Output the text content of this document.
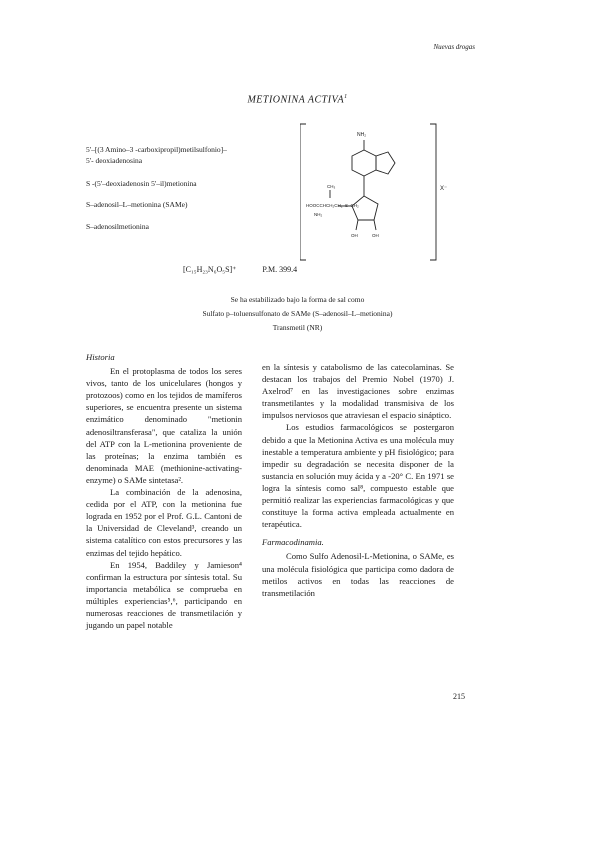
Nuevas drogas
METIONINA ACTIVA$^1$
5'–[(3 Amino–3 -carboxipropil)metilsulfonio]–
5'- deoxiadenosina
S -(5'–deoxiadenosin 5'–il)metionina
S–adenosil–L–metionina (SAMe)
S–adenosilmetionina
NH₂
HOOCCHCH₂CH₂–S–CH₂
CH₃
NH₂
OH	OH
X⁻
[C₁₅H₂₃N₆O₅S]⁺	P.M. 399.4
Se ha estabilizado bajo la forma de sal como
Sulfato p–toluensulfonato de SAMe (S–adenosil–L–metionina)
Transmetil (NR)

Historia

En el protoplasma de todos los seres vivos, tanto de los unicelulares (hongos y protozoos) como en los tejidos de mamíferos superiores, se encuentra presente un sistema enzimático denominado "metionin adenosiltransferasa", que cataliza la unión del ATP con la L-metionina proveniente de las proteínas; la enzima también es denominada MAE (methionine-activating-enzyme) o SAMe sintetasa².

La combinación de la adenosina, cedida por el ATP, con la metionina fue lograda en 1952 por el Prof. G.L. Cantoni de la Universidad de Cleveland³, creando un sistema catalítico con estos precursores y las enzimas del tejido hepático.

En 1954, Baddiley y Jamieson⁴ confirman la estructura por síntesis total. Su importancia metabólica se comprueba en múltiples experiencias⁵,⁶, participando en numerosas reacciones de transmetilación y jugando un papel notable

en la síntesis y catabolismo de las catecolaminas. Se destacan los trabajos del Premio Nobel (1970) J. Axelrod⁷ en las investigaciones sobre enzimas transmetilantes y la modalidad transmisiva de los impulsos nerviosos que atraviesan el espacio sináptico.

Los estudios farmacológicos se postergaron debido a que la Metionina Activa es una molécula muy inestable a temperatura ambiente y pH fisiológico; para impedir su degradación se necesita disponer de la sustancia en solución muy ácida y a -20° C. En 1971 se logra la síntesis como sal⁸, compuesto estable que permitió realizar las experiencias farmacológicas y que constituye la forma activa empleada actualmente en terapéutica.

Farmacodinamia.

Como Sulfo Adenosil-L-Metionina, o SAMe, es una molécula fisiológica que participa como dadora de metilos activos en todas las reacciones de transmetilación

215
